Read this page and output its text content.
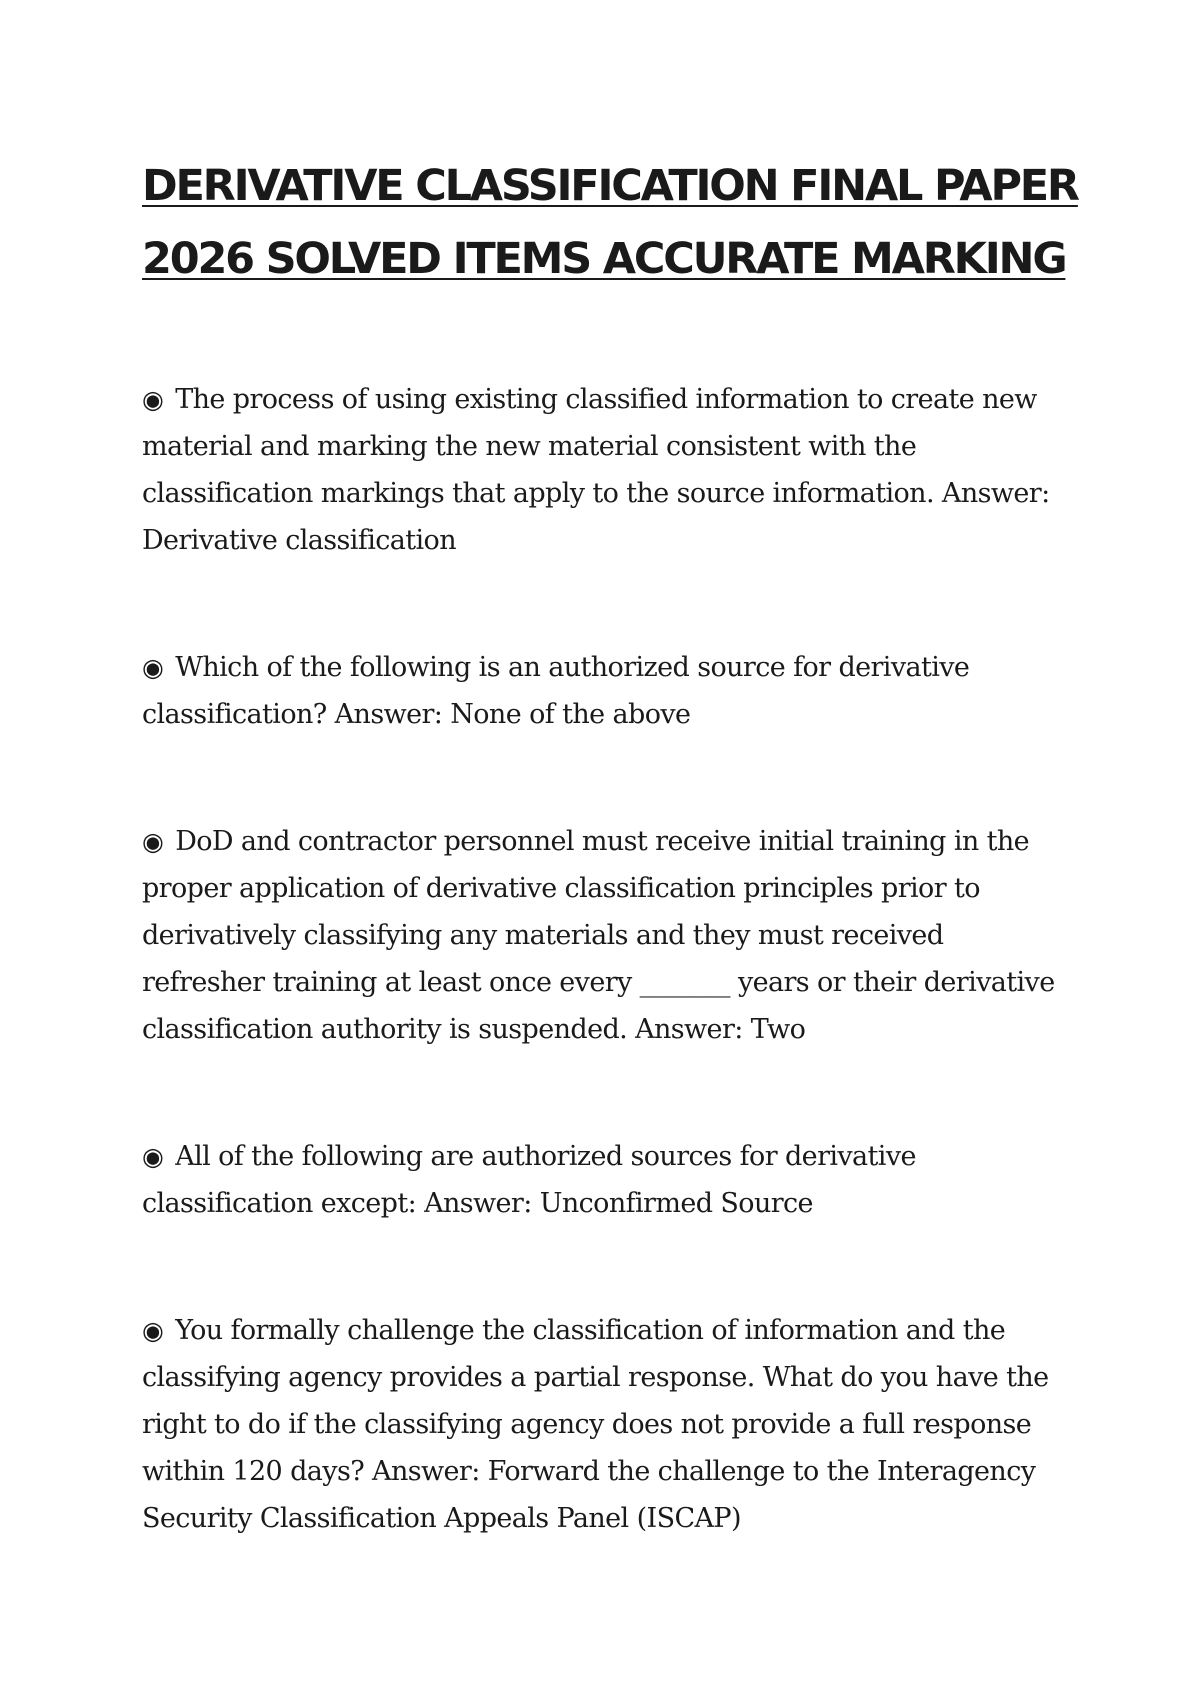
DERIVATIVE CLASSIFICATION FINAL PAPER
2026 SOLVED ITEMS ACCURATE MARKING
◉ The process of using existing classified information to create new material and marking the new material consistent with the classification markings that apply to the source information. Answer: Derivative classification
◉ Which of the following is an authorized source for derivative classification? Answer: None of the above
◉ DoD and contractor personnel must receive initial training in the proper application of derivative classification principles prior to derivatively classifying any materials and they must received refresher training at least once every _______ years or their derivative classification authority is suspended. Answer: Two
◉ All of the following are authorized sources for derivative classification except: Answer: Unconfirmed Source
◉ You formally challenge the classification of information and the classifying agency provides a partial response. What do you have the right to do if the classifying agency does not provide a full response within 120 days? Answer: Forward the challenge to the Interagency Security Classification Appeals Panel (ISCAP)
